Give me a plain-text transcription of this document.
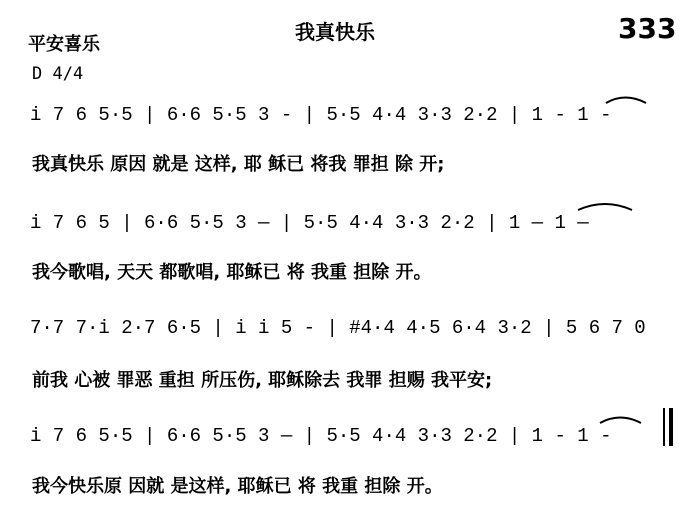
平安喜乐
我真快乐	333
D 4/4
i 7 6 5·5 | 6·6 5·5 3 - | 5·5 4·4 3·3 2·2 | 1 - 1 -
我真快乐 原因 就是 这样, 耶 稣已 将我 罪担 除 开;
i 7 6 5 | 6·6 5·5 3 — | 5·5 4·4 3·3 2·2 | 1 — 1 —
我今歌唱, 天天 都歌唱, 耶稣已 将 我重 担除 开。
7·7 7·i 2·7 6·5 | i i 5 - | #4·4 4·5 6·4 3·2 | 5 6 7 0
前我 心被 罪恶 重担 所压伤, 耶稣除去 我罪 担赐 我平安;
i 7 6 5·5 | 6·6 5·5 3 — | 5·5 4·4 3·3 2·2 | 1 - 1 -
我今快乐原 因就 是这样, 耶稣已 将 我重 担除 开。
